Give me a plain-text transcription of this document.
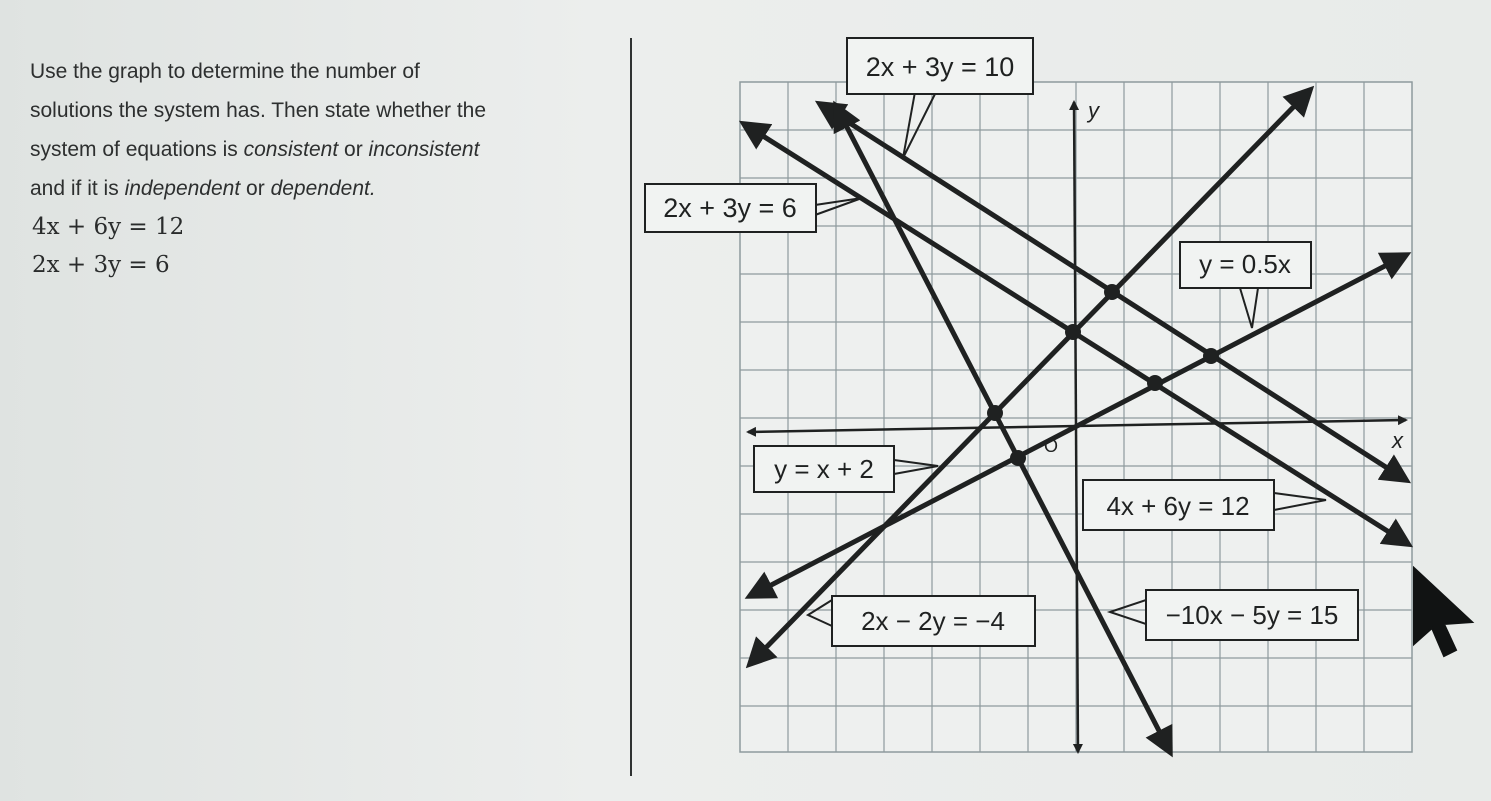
Use the graph to determine the number of
solutions the system has. Then state whether the
system of equations is consistent or inconsistent
and if it is independent or dependent.
4x + 6y = 12
2x + 3y = 6
y
x
O
2x + 3y = 10
2x + 3y = 6
y = 0.5x
y = x + 2
4x + 6y = 12
2x − 2y = −4	−10x − 5y = 15
